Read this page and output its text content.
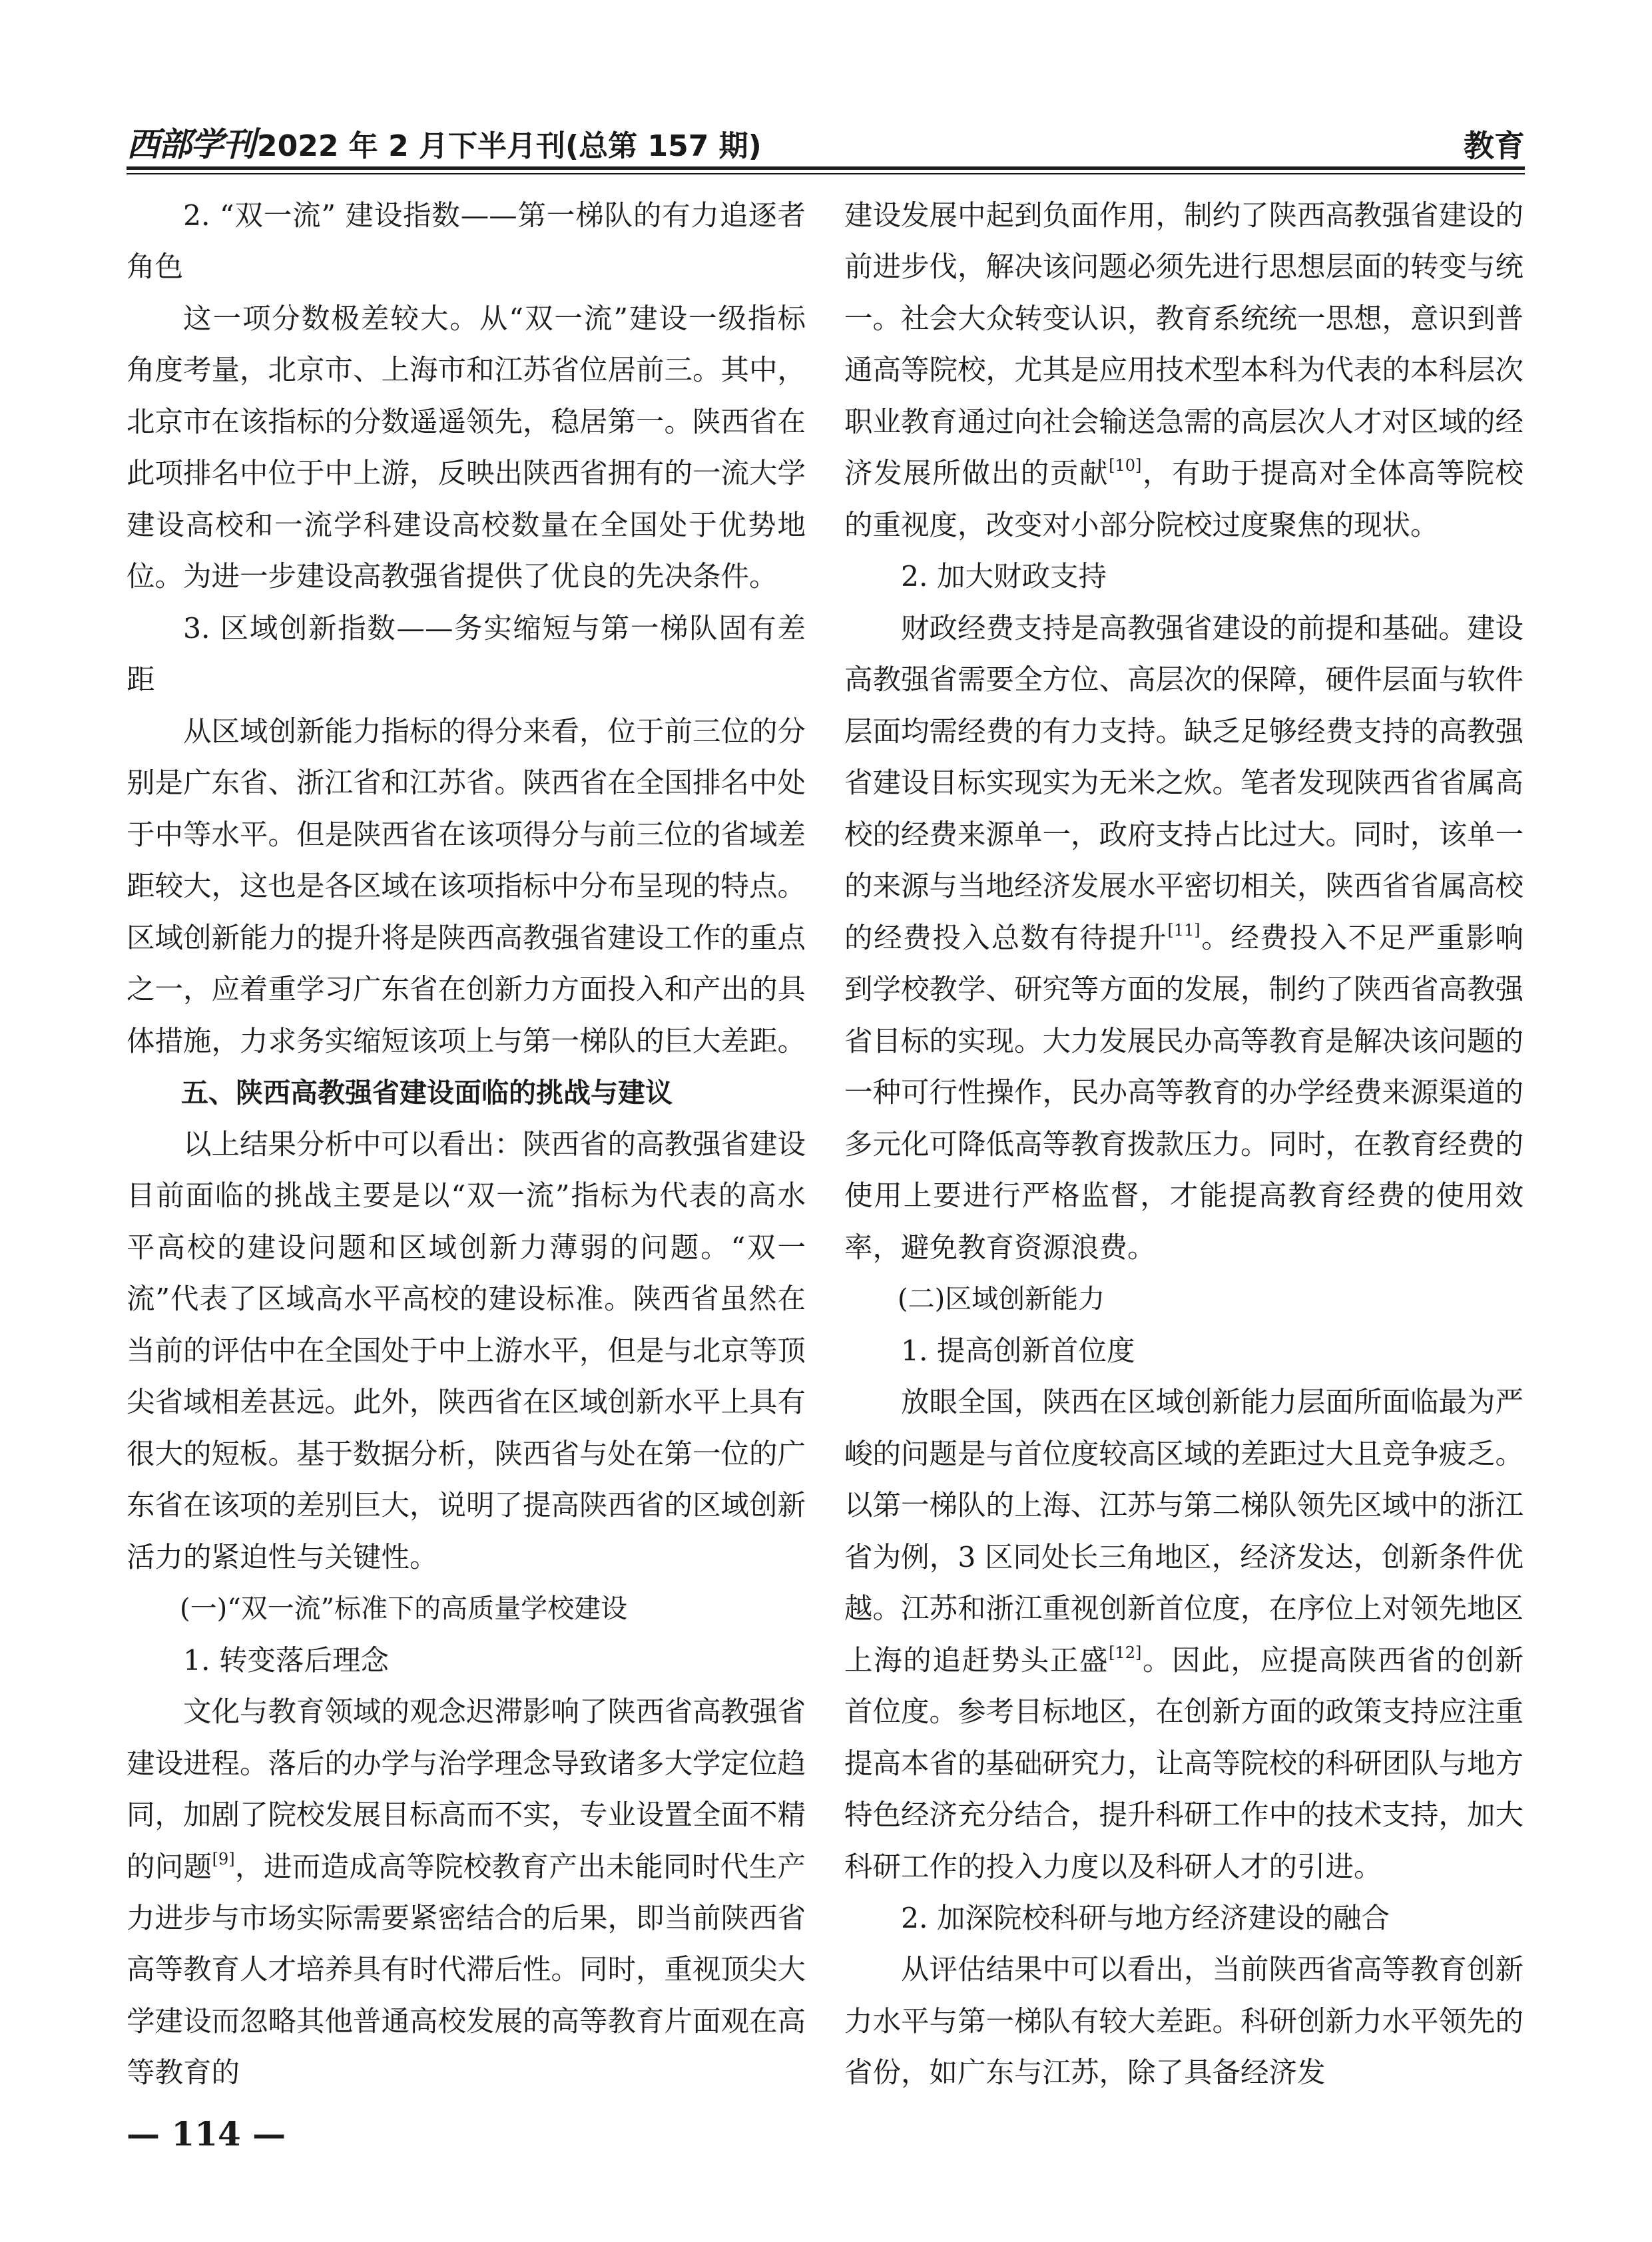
西部学刊 2022 年 2 月下半月刊(总第 157 期)	教育

2. “双一流” 建设指数——第一梯队的有力追逐者角色

这一项分数极差较大。从“双一流”建设一级指标角度考量，北京市、上海市和江苏省位居前三。其中，北京市在该指标的分数遥遥领先，稳居第一。陕西省在此项排名中位于中上游，反映出陕西省拥有的一流大学建设高校和一流学科建设高校数量在全国处于优势地位。为进一步建设高教强省提供了优良的先决条件。

3. 区域创新指数——务实缩短与第一梯队固有差距

从区域创新能力指标的得分来看，位于前三位的分别是广东省、浙江省和江苏省。陕西省在全国排名中处于中等水平。但是陕西省在该项得分与前三位的省域差距较大，这也是各区域在该项指标中分布呈现的特点。区域创新能力的提升将是陕西高教强省建设工作的重点之一，应着重学习广东省在创新力方面投入和产出的具体措施，力求务实缩短该项上与第一梯队的巨大差距。

五、陕西高教强省建设面临的挑战与建议

以上结果分析中可以看出：陕西省的高教强省建设目前面临的挑战主要是以“双一流”指标为代表的高水平高校的建设问题和区域创新力薄弱的问题。“双一流”代表了区域高水平高校的建设标准。陕西省虽然在当前的评估中在全国处于中上游水平，但是与北京等顶尖省域相差甚远。此外，陕西省在区域创新水平上具有很大的短板。基于数据分析，陕西省与处在第一位的广东省在该项的差别巨大，说明了提高陕西省的区域创新活力的紧迫性与关键性。

(一)“双一流”标准下的高质量学校建设

1. 转变落后理念

文化与教育领域的观念迟滞影响了陕西省高教强省建设进程。落后的办学与治学理念导致诸多大学定位趋同，加剧了院校发展目标高而不实，专业设置全面不精的问题[9]，进而造成高等院校教育产出未能同时代生产力进步与市场实际需要紧密结合的后果，即当前陕西省高等教育人才培养具有时代滞后性。同时，重视顶尖大学建设而忽略其他普通高校发展的高等教育片面观在高等教育的

建设发展中起到负面作用，制约了陕西高教强省建设的前进步伐，解决该问题必须先进行思想层面的转变与统一。社会大众转变认识，教育系统统一思想，意识到普通高等院校，尤其是应用技术型本科为代表的本科层次职业教育通过向社会输送急需的高层次人才对区域的经济发展所做出的贡献[10]，有助于提高对全体高等院校的重视度，改变对小部分院校过度聚焦的现状。

2. 加大财政支持

财政经费支持是高教强省建设的前提和基础。建设高教强省需要全方位、高层次的保障，硬件层面与软件层面均需经费的有力支持。缺乏足够经费支持的高教强省建设目标实现实为无米之炊。笔者发现陕西省省属高校的经费来源单一，政府支持占比过大。同时，该单一的来源与当地经济发展水平密切相关，陕西省省属高校的经费投入总数有待提升[11]。经费投入不足严重影响到学校教学、研究等方面的发展，制约了陕西省高教强省目标的实现。大力发展民办高等教育是解决该问题的一种可行性操作，民办高等教育的办学经费来源渠道的多元化可降低高等教育拨款压力。同时，在教育经费的使用上要进行严格监督，才能提高教育经费的使用效率，避免教育资源浪费。

(二)区域创新能力

1. 提高创新首位度

放眼全国，陕西在区域创新能力层面所面临最为严峻的问题是与首位度较高区域的差距过大且竞争疲乏。以第一梯队的上海、江苏与第二梯队领先区域中的浙江省为例，3 区同处长三角地区，经济发达，创新条件优越。江苏和浙江重视创新首位度，在序位上对领先地区上海的追赶势头正盛[12]。因此，应提高陕西省的创新首位度。参考目标地区，在创新方面的政策支持应注重提高本省的基础研究力，让高等院校的科研团队与地方特色经济充分结合，提升科研工作中的技术支持，加大科研工作的投入力度以及科研人才的引进。

2. 加深院校科研与地方经济建设的融合

从评估结果中可以看出，当前陕西省高等教育创新力水平与第一梯队有较大差距。科研创新力水平领先的省份，如广东与江苏，除了具备经济发

— 114 —
